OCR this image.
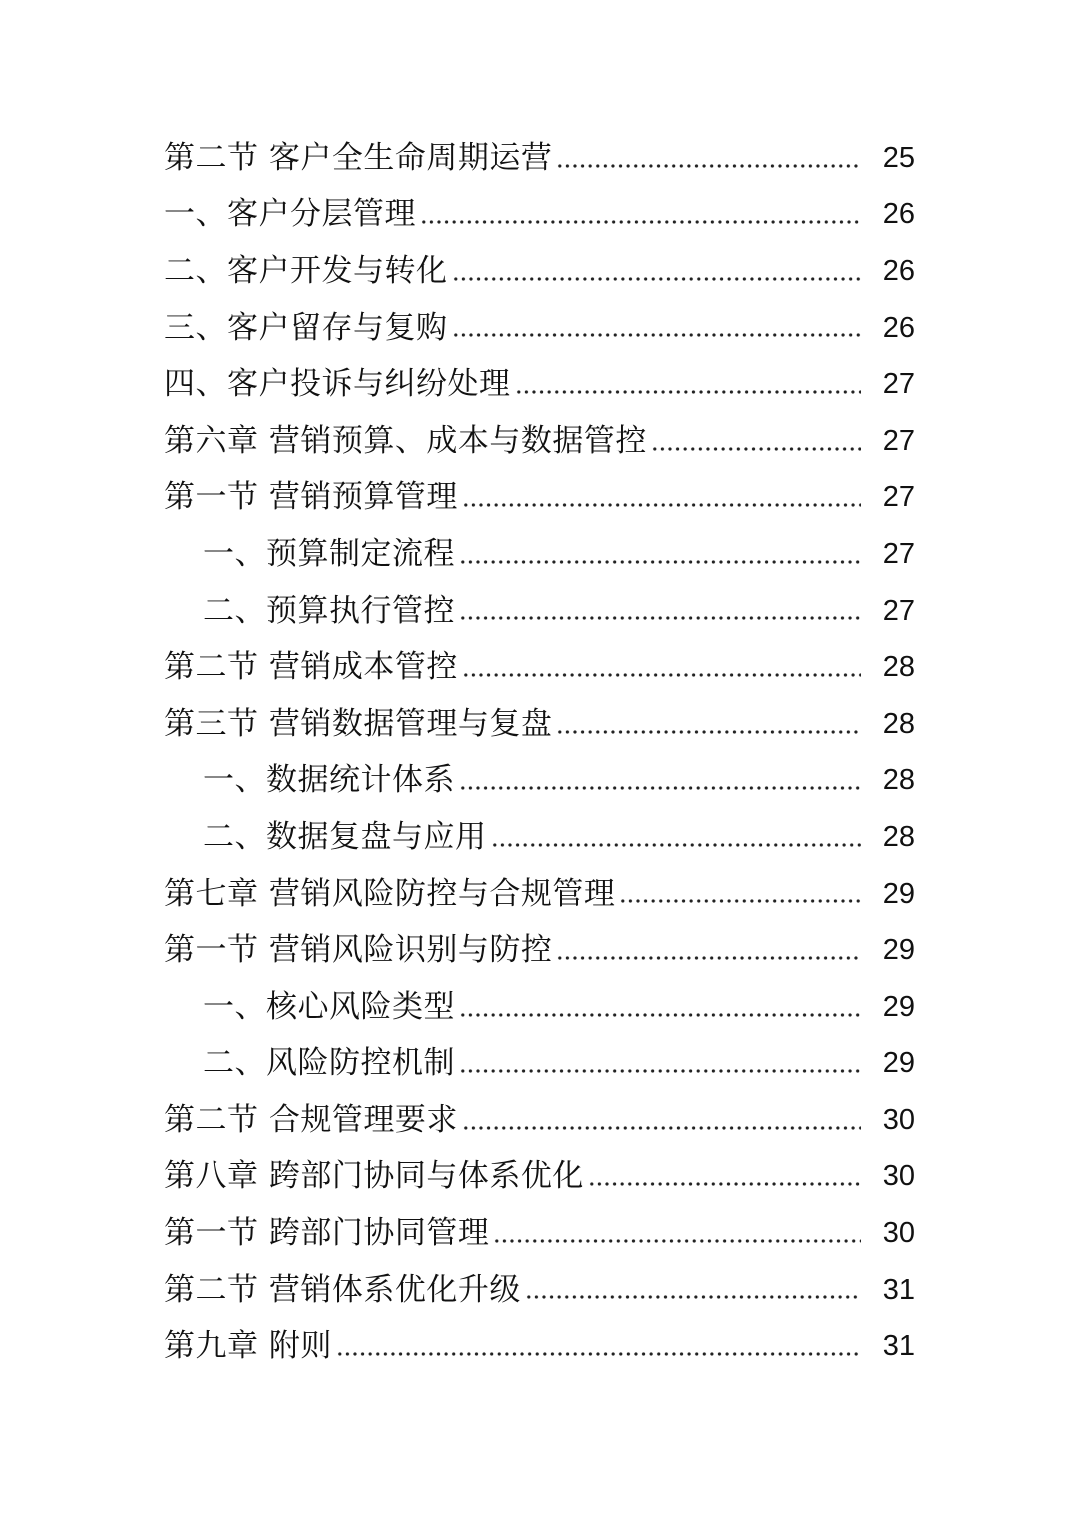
第二节 客户全生命周期运营	25
一、客户分层管理	26
二、客户开发与转化	26
三、客户留存与复购	26
四、客户投诉与纠纷处理	27
第六章 营销预算、成本与数据管控	27
第一节 营销预算管理	27
一、预算制定流程	27
二、预算执行管控	27
第二节 营销成本管控	28
第三节 营销数据管理与复盘	28
一、数据统计体系	28
二、数据复盘与应用	28
第七章 营销风险防控与合规管理	29
第一节 营销风险识别与防控	29
一、核心风险类型	29
二、风险防控机制	29
第二节 合规管理要求	30
第八章 跨部门协同与体系优化	30
第一节 跨部门协同管理	30
第二节 营销体系优化升级	31
第九章 附则	31
